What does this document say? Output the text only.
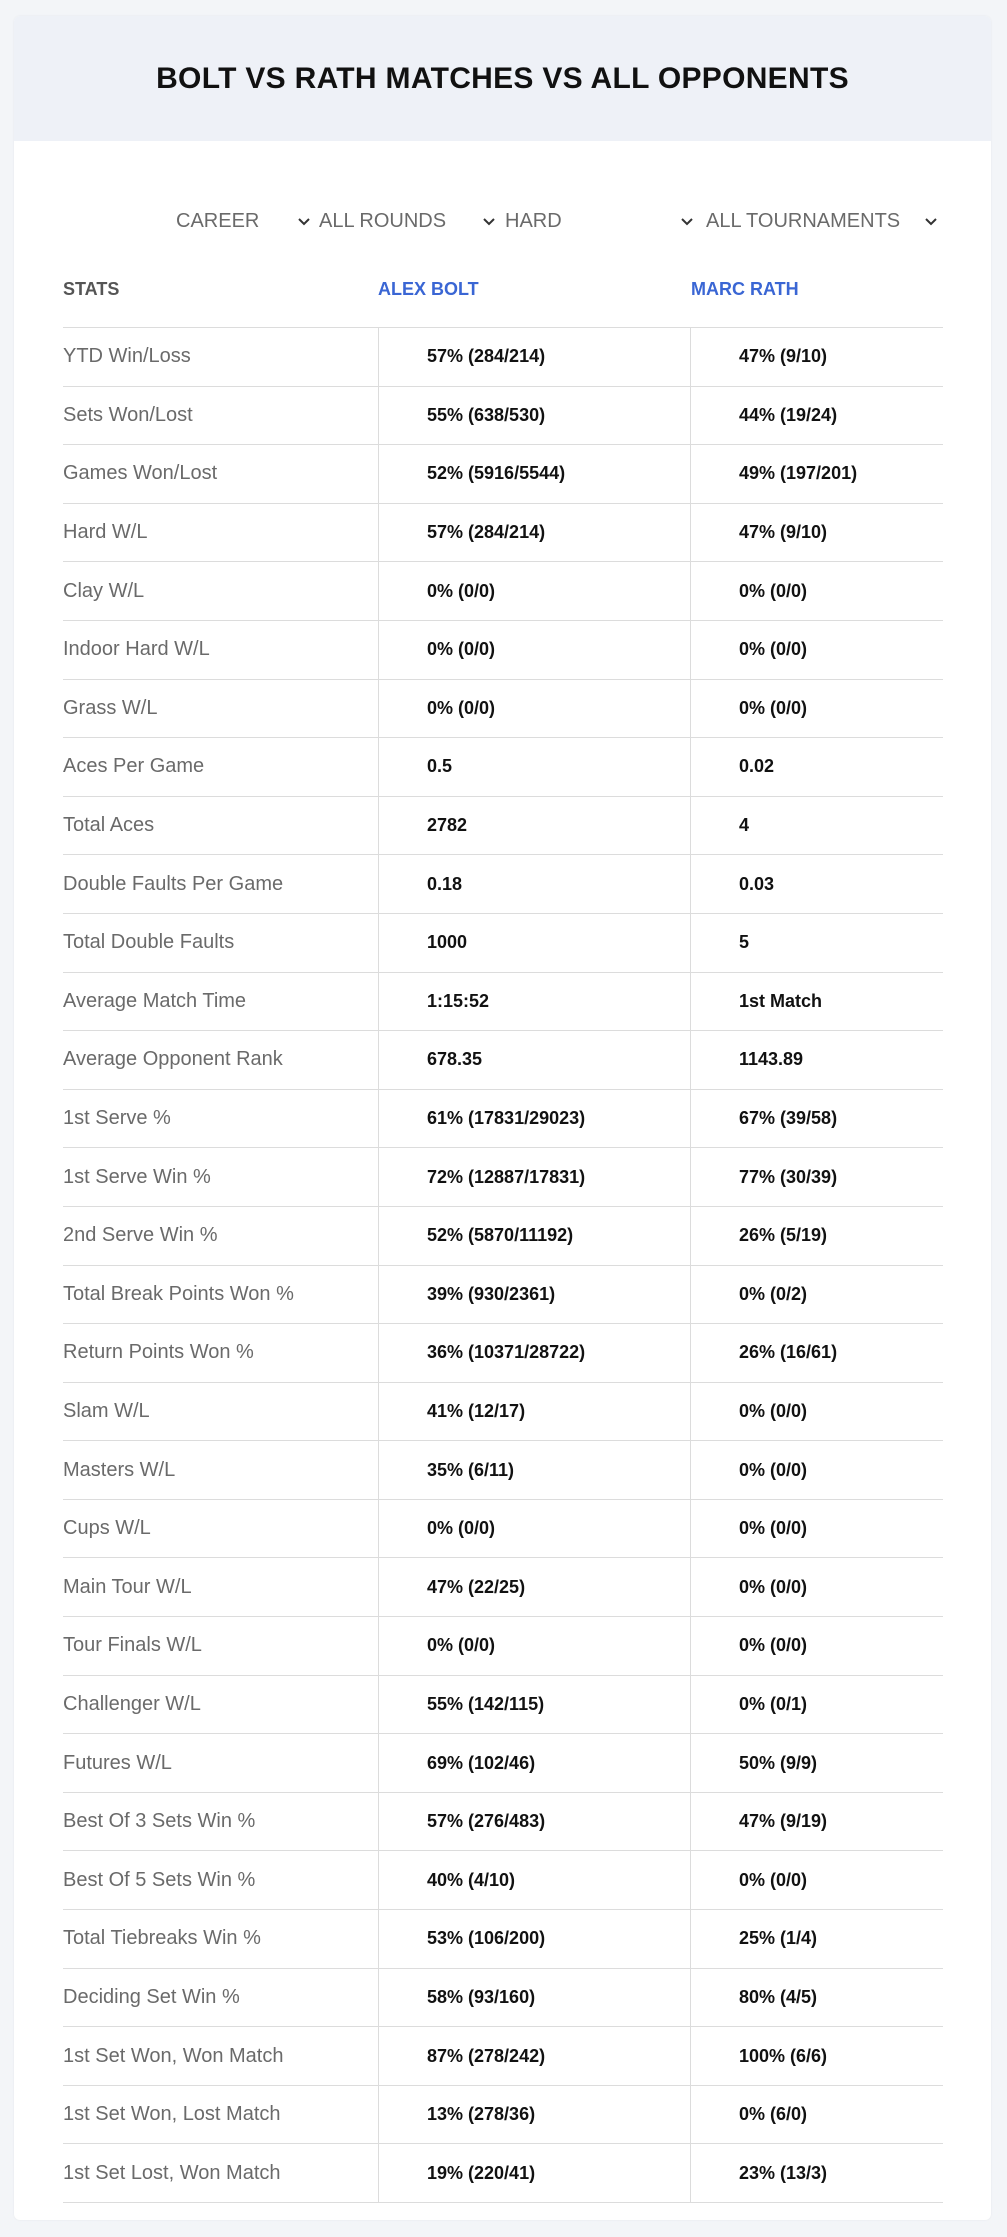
BOLT VS RATH MATCHES VS ALL OPPONENTS
CAREER	ALL ROUNDS	HARD	ALL TOURNAMENTS
STATS	ALEX BOLT	MARC RATH
YTD Win/Loss	57% (284/214)	47% (9/10)
Sets Won/Lost	55% (638/530)	44% (19/24)
Games Won/Lost	52% (5916/5544)	49% (197/201)
Hard W/L	57% (284/214)	47% (9/10)
Clay W/L	0% (0/0)	0% (0/0)
Indoor Hard W/L	0% (0/0)	0% (0/0)
Grass W/L	0% (0/0)	0% (0/0)
Aces Per Game	0.5	0.02
Total Aces	2782	4
Double Faults Per Game	0.18	0.03
Total Double Faults	1000	5
Average Match Time	1:15:52	1st Match
Average Opponent Rank	678.35	1143.89
1st Serve %	61% (17831/29023)	67% (39/58)
1st Serve Win %	72% (12887/17831)	77% (30/39)
2nd Serve Win %	52% (5870/11192)	26% (5/19)
Total Break Points Won %	39% (930/2361)	0% (0/2)
Return Points Won %	36% (10371/28722)	26% (16/61)
Slam W/L	41% (12/17)	0% (0/0)
Masters W/L	35% (6/11)	0% (0/0)
Cups W/L	0% (0/0)	0% (0/0)
Main Tour W/L	47% (22/25)	0% (0/0)
Tour Finals W/L	0% (0/0)	0% (0/0)
Challenger W/L	55% (142/115)	0% (0/1)
Futures W/L	69% (102/46)	50% (9/9)
Best Of 3 Sets Win %	57% (276/483)	47% (9/19)
Best Of 5 Sets Win %	40% (4/10)	0% (0/0)
Total Tiebreaks Win %	53% (106/200)	25% (1/4)
Deciding Set Win %	58% (93/160)	80% (4/5)
1st Set Won, Won Match	87% (278/242)	100% (6/6)
1st Set Won, Lost Match	13% (278/36)	0% (6/0)
1st Set Lost, Won Match	19% (220/41)	23% (13/3)
